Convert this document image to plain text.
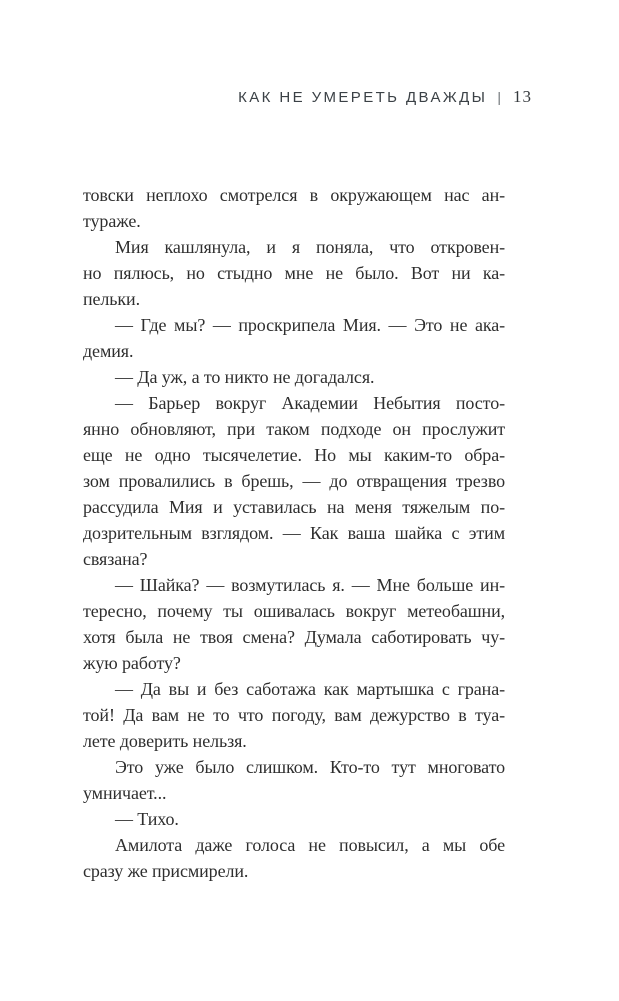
КАК НЕ УМЕРЕТЬ ДВАЖДЫ | 13
товски неплохо смотрелся в окружающем нас ан-
тураже.
Мия кашлянула, и я поняла, что откровен-
но пялюсь, но стыдно мне не было. Вот ни ка-
пельки.
— Где мы? — проскрипела Мия. — Это не ака-
демия.
— Да уж, а то никто не догадался.
— Барьер вокруг Академии Небытия посто-
янно обновляют, при таком подходе он прослужит
еще не одно тысячелетие. Но мы каким-то обра-
зом провалились в брешь, — до отвращения трезво
рассудила Мия и уставилась на меня тяжелым по-
дозрительным взглядом. — Как ваша шайка с этим
связана?
— Шайка? — возмутилась я. — Мне больше ин-
тересно, почему ты ошивалась вокруг метеобашни,
хотя была не твоя смена? Думала саботировать чу-
жую работу?
— Да вы и без саботажа как мартышка с грана-
той! Да вам не то что погоду, вам дежурство в туа-
лете доверить нельзя.
Это уже было слишком. Кто-то тут многовато
умничает...
— Тихо.
Амилота даже голоса не повысил, а мы обе
сразу же присмирели.
